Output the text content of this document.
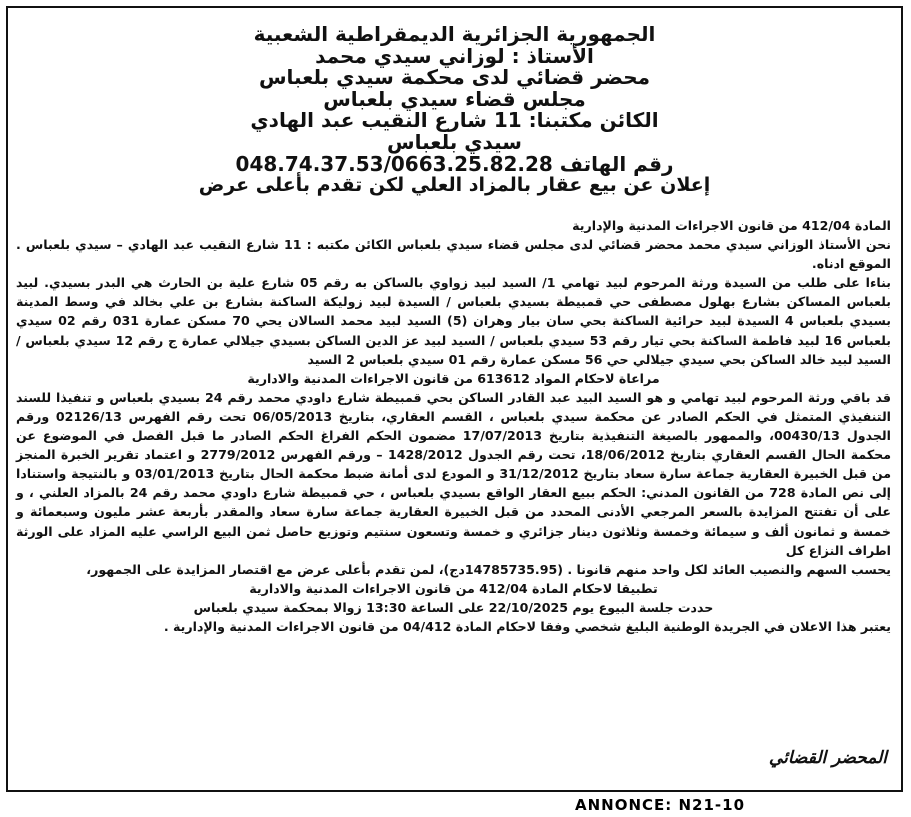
الجمهورية الجزائرية الديمقراطية الشعبية
الأستاذ : لوزاني سيدي محمد
محضر قضائي لدى محكمة سيدي بلعباس
مجلس قضاء سيدي بلعباس
الكائن مكتبنا: 11 شارع النقيب عبد الهادي
سيدي بلعباس
رقم الهاتف 048.74.37.53/0663.25.82.28
إعلان عن بيع عقار بالمزاد العلي لكن تقدم بأعلى عرض

المادة 412/04 من قانون الاجراءات المدنية والإدارية

نحن الأستاذ الوزاني سيدي محمد محضر قضائي لدى مجلس قضاء سيدي بلعباس الكائن مكتبه : 11 شارع النقيب عبد الهادي – سيدي بلعباس . الموقع ادناه.

بناءا على طلب من السيدة ورثة المرحوم لبيد تهامي 1/ السيد لبيد زواوي بالساكن به رقم 05 شارع علية بن الحارث هي البدر بسيدي. لبيد بلعباس المساكن بشارع بهلول مصطفى حي قمبيطة بسيدي بلعباس / السيدة لبيد زوليكة الساكنة بشارع بن علي بخالد في وسط المدينة بسيدي بلعباس 4 السيدة لبيد حرائية الساكنة بحي سان بيار وهران (5) السيد لبيد محمد السالان يحي 70 مسكن عمارة 031 رقم 02 سيدي بلعباس 16 لبيد فاطمة الساكنة بحي تيار رقم 53 سيدي بلعباس / السيد لبيد عز الدين الساكن بسيدي جيلالي عمارة ج رقم 12 سيدي بلعباس / السيد لبيد خالد الساكن بحي سيدي جيلالي حي 56 مسكن عمارة رقم 01 سيدي بلعباس 2 السيد

مراعاة لاحكام المواد 613612 من قانون الاجراءات المدنية والادارية

قد باقي ورثة المرحوم لبيد تهامي و هو السيد البيد عبد القادر الساكن بحي قمبيطة شارع داودي محمد رقم 24 بسيدي بلعباس و تنفيذا للسند التنفيذي المتمثل في الحكم الصادر عن محكمة سيدي بلعباس ، القسم العقاري، بتاريخ 06/05/2013 تحت رقم الفهرس 02126/13 ورقم الجدول 00430/13، والممهور بالصيغة التنفيذية بتاريخ 17/07/2013 مضمون الحكم الفراغ الحكم الصادر ما قبل الفصل في الموضوع عن محكمة الحال القسم العقاري بتاريخ 18/06/2012، تحت رقم الجدول 1428/2012 – ورقم الفهرس 2779/2012 و اعتماد تقرير الخبرة المنجز من قبل الخبيرة العقارية جماعة سارة سعاد بتاريخ 31/12/2012 و المودع لدى أمانة ضبط محكمة الحال بتاريخ 03/01/2013 و بالنتيجة واستنادا إلى نص المادة 728 من القانون المدني: الحكم ببيع العقار الواقع بسيدي بلعباس ، حي قمبيطة شارع داودي محمد رقم 24 بالمزاد العلني ، و على أن تفتتح المزايدة بالسعر المرجعي الأدنى المحدد من قبل الخبيرة العقارية جماعة سارة سعاد والمقدر بأربعة عشر مليون وسبعمائة و خمسة و ثمانون ألف و سيمائة وخمسة وثلاثون دينار جزائري و خمسة وتسعون سنتيم وتوزيع حاصل ثمن البيع الراسي عليه المزاد على الورثة اطراف النزاع كل

يحسب السهم والنصيب العائد لكل واحد منهم قانونا . (14785735.95دج)، لمن تقدم بأعلى عرض مع اقتصار المزايدة على الجمهور،

تطبيقا لاحكام المادة 412/04 من قانون الاجراءات المدنية والادارية

حددت جلسة البيوع يوم 22/10/2025 على الساعة 13:30 زوالا بمحكمة سيدي بلعباس

يعتبر هذا الاعلان في الجريدة الوطنية البليغ شخصي وفقا لاحكام المادة 04/412 من قانون الاجراءات المدنية والإدارية .

المحضر القضائي
ANNONCE: N21-10
